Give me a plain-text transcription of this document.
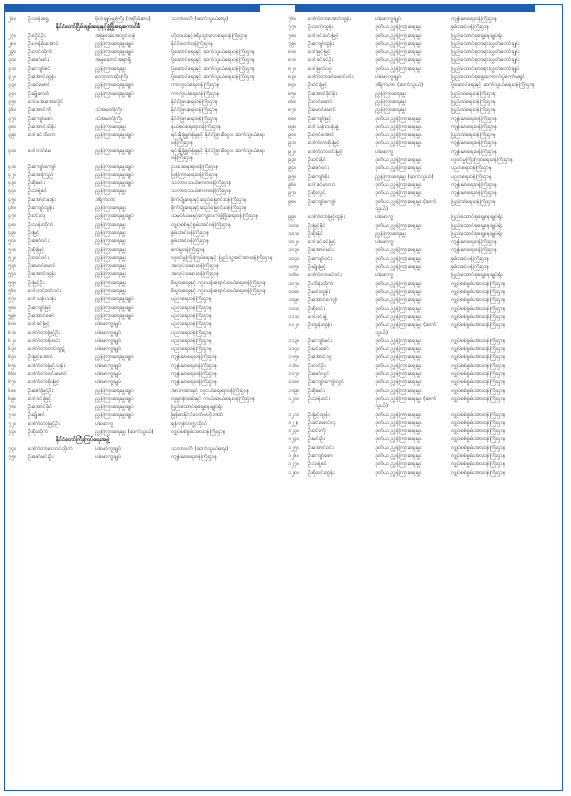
၂၆။	ဦးသန်းရွှေ	ဗိုလ်ချုပ်မှူးကြီး (အငြိမ်းစား)	သဘာပတိ (ဆက်သွယ်ရေး)
နိုင်ငံတော်ငြိမ်းချမ်းရေးနှင့်ဖွံ့ဖြိုးရေးကောင်စီ
၂၇။	ဦးလှိုင်ဦး	အမြဲတမ်းအတွင်းဝန်	ဟိုတယ်နှင့်ခရီးသွားလာရေးဝန်ကြီးဌာန
၂၈။	ဦးဟန်စိုးအောင်	ညွှန်ကြားရေးမှူးချုပ်	နိုင်ငံတော်ဝန်ကြီးဌာန
၂၉။	ဦးတင်ထိုက်	ညွှန်ကြားရေးမှူးချုပ်	ပို့ဆောင်ရေးနှင့် ဆက်သွယ်ရေးဝန်ကြီးဌာန
၃၀။	ဦးဇော်မင်း	အမှုဆောင်အရာရှိ	ပို့ဆောင်ရေးနှင့် ဆက်သွယ်ရေးဝန်ကြီးဌာန
၃၁။	ဦးကျော်ဇင်	ညွှန်ကြားရေးမှူး	ပို့ဆောင်ရေးနှင့် ဆက်သွယ်ရေးဝန်ကြီးဌာန
၃၂။	ဦးအောင်ထွန်း	ကော့တာဆိုးကြီး	ပို့ဆောင်ရေးနှင့် ဆက်သွယ်ရေးဝန်ကြီးဌာန
၃၃။	ဦးခင်မောင်	ညွှန်ကြားရေးမှူးချုပ်	ကာကွယ်ရေးဝန်ကြီးဌာန
၃၄။	ဦးမျိုးသော်	ညွှန်ကြားရေးမှူးချုပ်	ကာကွယ်ရေးဝန်ကြီးဌာန
၃၅။	ဒေါ်အေးအေးလှိုင်	နိုင်ငံခြားရေးဝန်ကြီးဌာန
၃၆။	ဦးအောင်ကို	သံအမတ်ကြီး	နိုင်ငံခြားရေးဝန်ကြီးဌာန
၃၇။	ဦးကျော်ဇော	သံအမတ်ကြီး	နိုင်ငံခြားရေးဝန်ကြီးဌာန
၃၈။	ဦးအောင်သိန်း	ညွှန်ကြားရေးမှူး	နယ်စပ်ရေးရာဝန်ကြီးဌာန
၃၉။	ဒေါ်ခင်သီတာ	ညွှန်ကြားရေးမှူးချုပ်	ရင်းနှီးမြှုပ်နှံမှုနှင့် နိုင်ငံခြားစီးပွား ဆက်သွယ်ရေးဝန်ကြီးဌာန
၄၀။	ဒေါ်တင်မေ	ညွှန်ကြားရေးမှူးချုပ်	ရင်းနှီးမြှုပ်နှံမှုနှင့် နိုင်ငံခြားစီးပွား ဆက်သွယ်ရေးဝန်ကြီးဌာန
၄၁။	ဦးကျော်ကျော်	ညွှန်ကြားရေးမှူးချုပ်	ဥပဒေရေးရာဝန်ကြီးဌာန
၄၂။	ဦးအေးကြည်	ညွှန်ကြားရေးမှူးချုပ်	ပြန်ကြားရေးဝန်ကြီးဌာန
၄၃။	ဦးစိုးမင်း	ညွှန်ကြားရေးမှူးချုပ်	သဘာဝသယံဇာတဝန်ကြီးဌာန
၄၄။	ဦးသန့်ဇင်	ညွှန်ကြားရေးမှူး	သဘာဝသယံဇာတဝန်ကြီးဌာန
၄၅။	ဦးအောင်ဆန်း	ဒါရိုက်တာ	စိုက်ပျိုးရေးနှင့်ဆည်မြောင်းဝန်ကြီးဌာန
၄၆။	ဦးကျော်ထွန်း	ညွှန်ကြားရေးမှူး	စိုက်ပျိုးရေးနှင့်ဆည်မြောင်းဝန်ကြီးဌာန
၄၇။	ဦးဝင်းလှ	ညွှန်ကြားရေးမှူးချုပ်	သမဝါယမနှင့်ကျေးလက်ဖွံ့ဖြိုးရေးဝန်ကြီးဌာန
၄၈။	ဦးသန်းထိုက်	ညွှန်ကြားရေးမှူး	လျှပ်စစ်နှင့်စွမ်းအင်ဝန်ကြီးဌာန
၄၉။	ဦးမြင့်	ညွှန်ကြားရေးမှူး	စွမ်းအင်ဝန်ကြီးဌာန
၅၀။	ဦးဇော်ဝင်း	ညွှန်ကြားရေးမှူး	စွမ်းအင်ဝန်ကြီးဌာန
၅၁။	ဦးစိုးမြင့်	ညွှန်ကြားရေးမှူး	စက်မှုဝန်ကြီးဌာန
၅၂။	ဦးတင်ဝင်း	ညွှန်ကြားရေးမှူး	လူဝင်မှုကြီးကြပ်ရေးနှင့် ပြည်သူ့အင်အားဝန်ကြီးဌာန
၅၃။	ဦးမောင်မောင်	ညွှန်ကြားရေးမှူး	အလုပ်သမားဝန်ကြီးဌာန
၅၄။	ဦးအောင်ထွန်း	ညွှန်ကြားရေးမှူး	အလုပ်သမားဝန်ကြီးဌာန
၅၅။	ဦးမြင့်ဦး	ညွှန်ကြားရေးမှူး	စီးပွားရေးနှင့် ကူးသန်းရောင်းဝယ်ရေးဝန်ကြီးဌာန
၅၆။	ဒေါ်တင်တင်ဝင်း	ညွှန်ကြားရေးမှူး	စီးပွားရေးနှင့် ကူးသန်းရောင်းဝယ်ရေးဝန်ကြီးဌာန
၅၇။	ဒေါ်သန်းသန်း	ညွှန်ကြားရေးမှူးချုပ်	ပညာရေးဝန်ကြီးဌာန
၅၈။	ဦးကျော်မြင့်	ညွှန်ကြားရေးမှူးချုပ်	ပညာရေးဝန်ကြီးဌာန
၅၉။	ဦးအောင်ဇော်	ညွှန်ကြားရေးမှူးချုပ်	ပညာရေးဝန်ကြီးဌာန
၆၀။	ဒေါ်ခင်မြင့်	ပါမောက္ခချုပ်	ပညာရေးဝန်ကြီးဌာန
၆၁။	ဒေါက်တာမြင့်ဦး	ပါမောက္ခချုပ်	ပညာရေးဝန်ကြီးဌာန
၆၂။	ဒေါက်တာစိုးဝင်း	ပါမောက္ခချုပ်	ပညာရေးဝန်ကြီးဌာန
၆၃။	ဒေါက်တာတင်ထွဋ်	ပါမောက္ခချုပ်	ပညာရေးဝန်ကြီးဌာန
၆၄။	ဦးမြင့်အောင်	ညွှန်ကြားရေးမှူးချုပ်	ကျန်းမာရေးဝန်ကြီးဌာန
၆၅။	ဒေါက်တာမြင့်သန်း	ပါမောက္ခချုပ်	ကျန်းမာရေးဝန်ကြီးဌာန
၆၆။	ဒေါက်တာဝင်းမောင်	ပါမောက္ခချုပ်	ကျန်းမာရေးဝန်ကြီးဌာန
၆၇။	ဒေါက်တာစိုးမြင့်	ပါမောက္ခချုပ်	ကျန်းမာရေးဝန်ကြီးဌာန
၆၈။	ဦးဇော်မြင့်ဦး	ညွှန်ကြားရေးမှူးချုပ်	အားကစားနှင့် လူငယ်ရေးရာဝန်ကြီးဌာန
၆၉။	ဒေါ်ဝင်းမြင့်	ညွှန်ကြားရေးမှူးချုပ်	လူမှုဝန်ထမ်းနှင့် ကယ်ဆယ်ရေးဝန်ကြီးဌာန
၇၀။	ဦးအောင်ခိုင်	ညွှန်ကြားရေးမှူးချုပ်	ပြည်ထောင်စုရှေ့နေချုပ်ရုံး
၇၁။	ဦးမျိုးဇင်	ညွှန်ကြားရေးမှူးချုပ်	မြန်မာနိုင်ငံတော်ဗဟိုဘဏ်
၇၂။	ဒေါက်တာမြင့်ဦး	ပါမောက္ခ	ရန်ကုန်တက္ကသိုလ်
၇၃။	ဦးစိုးထိုက်	ညွှန်ကြားရေးမှူး (ဆက်သွယ်)	လျှပ်စစ်စွမ်းအားဝန်ကြီးဌာန
နိုင်ငံတော်ကြီးကြပ်ရေးအဖွဲ့
၇၄။	ဒေါက်တာလောင်ထိုက်	ပါမောက္ခချုပ်	သဘာပတိ (ဆက်သွယ်ရေး)
၇၅။	ဦးဇော်မင်းဦး	ပါမောက္ခချုပ်	ကျန်းမာရေးဝန်ကြီးဌာန
၇၆။	ဒေါက်တာအောင်ထွန်း	ပါမောက္ခချုပ်	ကျန်းမာရေးဝန်ကြီးဌာန
၇၇။	ဦးသက်ထွန်း	ဒုတိယ ညွှန်ကြားရေးမှူး	စွမ်းအင်ဝန်ကြီးဌာန
၇၈။	ဒေါ်ဝင်းဝင်းမြင့်	ဒုတိယ ညွှန်ကြားရေးမှူး	ပြည်ထောင်စုရှေ့နေချုပ်ရုံး
၇၉။	ဦးကျော်ထွန်း	ဒုတိယ ညွှန်ကြားရေးမှူး	ပြည်ထောင်စုတရားလွှတ်တော်ချုပ်
၈၀။	ဒေါ်မြင့်မြင့်	ဒုတိယ ညွှန်ကြားရေးမှူး	ပြည်ထောင်စုတရားလွှတ်တော်ချုပ်
၈၁။	ဒေါ်ခင်ခင်ဦး	ဒုတိယ ညွှန်ကြားရေးမှူး	ပြည်ထောင်စုတရားလွှတ်တော်ချုပ်
၈၂။	ဒေါ်မြတ်သူ	ဒုတိယ ညွှန်ကြားရေးမှူး	ပြည်ထောင်စုတရားလွှတ်တော်ချုပ်
၈၃။	ဒေါက်တာခင်မောင်ဝင်း	ပါမောက္ခချုပ်	ပြည်ထောင်စုရွေးကောက်ပွဲကော်မရှင်
၈၄။	ဦးဝင်းမြင့်	ဒါရိုက်တာ (ဆက်သွယ်)	ပို့ဆောင်ရေးနှင့် ဆက်သွယ်ရေးဝန်ကြီးဌာန
၈၅။	ဦးအောင်ခိုင်မိုး	ညွှန်ကြားရေးမှူး	ပြည်ထဲရေးဝန်ကြီးဌာန
၈၆။	ဦးတင်မောင်	ညွှန်ကြားရေးမှူး	ပြည်ထဲရေးဝန်ကြီးဌာန
၈၇။	ဦးမောင်မောင်	ညွှန်ကြားရေးမှူး	ပြည်ထဲရေးဝန်ကြီးဌာန
၈၈။	ဦးကျော်မြင့်	ဒုတိယ ညွှန်ကြားရေးမှူး	ကျန်းမာရေးဝန်ကြီးဌာန
၈၉။	ဒေါ်သန်းသန်းနွဲ့	ဒုတိယ ညွှန်ကြားရေးမှူး	ကျန်းမာရေးဝန်ကြီးဌာန
၉၀။	ဦးတင်အောင်	ဒုတိယ ညွှန်ကြားရေးမှူး	ပြည်ထဲရေးဝန်ကြီးဌာန
၉၁။	ဒေါက်တာစိုးမြင့်	ဒုတိယ ညွှန်ကြားရေးမှူး	ကျန်းမာရေးဝန်ကြီးဌာန
၉၂။	ဒေါက်တာဝင်းမြင့်	ပါမောက္ခ	ကျန်းမာရေးဝန်ကြီးဌာန
၉၃။	ဦးဝင်းနိုင်	ဒုတိယ ညွှန်ကြားရေးမှူး	လူဝင်မှုကြီးကြပ်ရေးဝန်ကြီးဌာန
၉၄။	ဦးဇော်ဝင်း	ဒုတိယ ညွှန်ကြားရေးမှူး	ပညာရေးဝန်ကြီးဌာန
၉၅။	ဦးကျော်စိုး	ညွှန်ကြားရေးမှူး (ဆက်သွယ်)	ပညာရေးဝန်ကြီးဌာန
၉၆။	ဒေါ်ခင်မာလာ	ဒုတိယ ညွှန်ကြားရေးမှူး	ကျန်းမာရေးဝန်ကြီးဌာန
၉၇။	ဦးစိုးလွင်	ဒုတိယ ညွှန်ကြားရေးမှူး	ကျန်းမာရေးဝန်ကြီးဌာန
၉၈။	ဦးကျော်ကျော်	ဒုတိယ ညွှန်ကြားရေးမှူး (ဆက်သွယ်)
ပြည်ထဲရေးဝန်ကြီးဌာန
၉၉။	ဒေါက်တာမြင့်ထွန်း	ပါမောက္ခ	ပြည်ထောင်စုရှေ့နေချုပ်ရုံး
၁၀၀။	ဦးမြင့်နိုင်	ဒုတိယ ညွှန်ကြားရေးမှူး	ပြည်ထောင်စုရှေ့နေချုပ်ရုံး
၁၀၁။	ဦးစိုးနိုင်	ညွှန်ကြားရေးမှူး	ပြည်ထောင်စုရှေ့နေချုပ်ရုံး
၁၀၂။	ဒေါ်ခင်ခင်မြင့်	ပါမောက္ခ	ကျန်းမာရေးဝန်ကြီးဌာန
၁၀၃။	ဦးအောင်မင်း	ဒုတိယ ညွှန်ကြားရေးမှူး	ကျန်းမာရေးဝန်ကြီးဌာန
၁၀၄။	ဦးကျော်ဝင်း	ဒုတိယ ညွှန်ကြားရေးမှူး	စွမ်းအင်ဝန်ကြီးဌာန
၁၀၅။	ဦးမျိုးမြင့်	ဒုတိယ ညွှန်ကြားရေးမှူး	စွမ်းအင်ဝန်ကြီးဌာန
၁၀၆။	ဒေါက်တာခင်ဝင်း	ပါမောက္ခ	ပြည်ထောင်စုရှေ့နေချုပ်ရုံး
၁၀၇။	ဦးသိန်းထိုက်	ဒုတိယ ညွှန်ကြားရေးမှူး	လျှပ်စစ်စွမ်းအားဝန်ကြီးဌာန
၁၀၈။	ဦးမင်းထွန်း	ဒုတိယ ညွှန်ကြားရေးမှူး	လျှပ်စစ်စွမ်းအားဝန်ကြီးဌာန
၁၀၉။	ဦးအောင်ကျော်	ဒုတိယ ညွှန်ကြားရေးမှူး	လျှပ်စစ်စွမ်းအားဝန်ကြီးဌာန
၁၁၀။	ဦးစိုးဝင်း	ဒုတိယ ညွှန်ကြားရေးမှူး	လျှပ်စစ်စွမ်းအားဝန်ကြီးဌာန
၁၁၁။	ဒေါ်ဝင်းနွဲ့	ဒုတိယ ညွှန်ကြားရေးမှူး	လျှပ်စစ်စွမ်းအားဝန်ကြီးဌာန
၁၁၂။	ဦးထွန်းထွန်း	ဒုတိယ ညွှန်ကြားရေးမှူး (ဆက်သွယ်)
လျှပ်စစ်စွမ်းအားဝန်ကြီးဌာန
၁၁၃။	ဦးကျော်မင်း	ဒုတိယ ညွှန်ကြားရေးမှူး	လျှပ်စစ်စွမ်းအားဝန်ကြီးဌာန
၁၁၄။	ဦးမင်းဇော်	ဒုတိယ ညွှန်ကြားရေးမှူး	လျှပ်စစ်စွမ်းအားဝန်ကြီးဌာန
၁၁၅။	ဦးအောင်သူ	ဒုတိယ ညွှန်ကြားရေးမှူး	လျှပ်စစ်စွမ်းအားဝန်ကြီးဌာန
၁၁၆။	ဦးတင်ဦး	ဒုတိယ ညွှန်ကြားရေးမှူး	လျှပ်စစ်စွမ်းအားဝန်ကြီးဌာန
၁၁၇။	ဦးဇော်လွင်	ဒုတိယ ညွှန်ကြားရေးမှူး	လျှပ်စစ်စွမ်းအားဝန်ကြီးဌာန
၁၁၈။	ဦးကျော်ကျော်လွင်	ဒုတိယ ညွှန်ကြားရေးမှူး	လျှပ်စစ်စွမ်းအားဝန်ကြီးဌာန
၁၁၉။	ဦးစိုးမင်း	ဒုတိယ ညွှန်ကြားရေးမှူး	လျှပ်စစ်စွမ်းအားဝန်ကြီးဌာန
၁၂၀။	ဦးသန်းဝင်း	ဒုတိယ ညွှန်ကြားရေးမှူး (ဆက်သွယ်)
လျှပ်စစ်စွမ်းအားဝန်ကြီးဌာန
၁၂၁။	ဦးမြင့်ထွန်း	ဒုတိယ ညွှန်ကြားရေးမှူး	လျှပ်စစ်စွမ်းအားဝန်ကြီးဌာန
၁၂၂။	ဦးခင်မောင်လှ	ဒုတိယ ညွှန်ကြားရေးမှူး	လျှပ်စစ်စွမ်းအားဝန်ကြီးဌာန
၁၂၃။	ဦးဝင်းကို	ဒုတိယ ညွှန်ကြားရေးမှူး	လျှပ်စစ်စွမ်းအားဝန်ကြီးဌာန
၁၂၄။	ဦးမင်းဦး	ဒုတိယ ညွှန်ကြားရေးမှူး	လျှပ်စစ်စွမ်းအားဝန်ကြီးဌာန
၁၂၅။	ဦးအောင်ဝင်း	ဒုတိယ ညွှန်ကြားရေးမှူး	လျှပ်စစ်စွမ်းအားဝန်ကြီးဌာန
၁၂၆။	ဦးကျော်ဇော	ဒုတိယ ညွှန်ကြားရေးမှူး	လျှပ်စစ်စွမ်းအားဝန်ကြီးဌာန
၁၂၇။	ဦးသန့်စင်	ဒုတိယ ညွှန်ကြားရေးမှူး	လျှပ်စစ်စွမ်းအားဝန်ကြီးဌာန
၁၂၈။	ဦးစိုးဝင်းထွန်း	ဒုတိယ ညွှန်ကြားရေးမှူး	လျှပ်စစ်စွမ်းအားဝန်ကြီးဌာန
